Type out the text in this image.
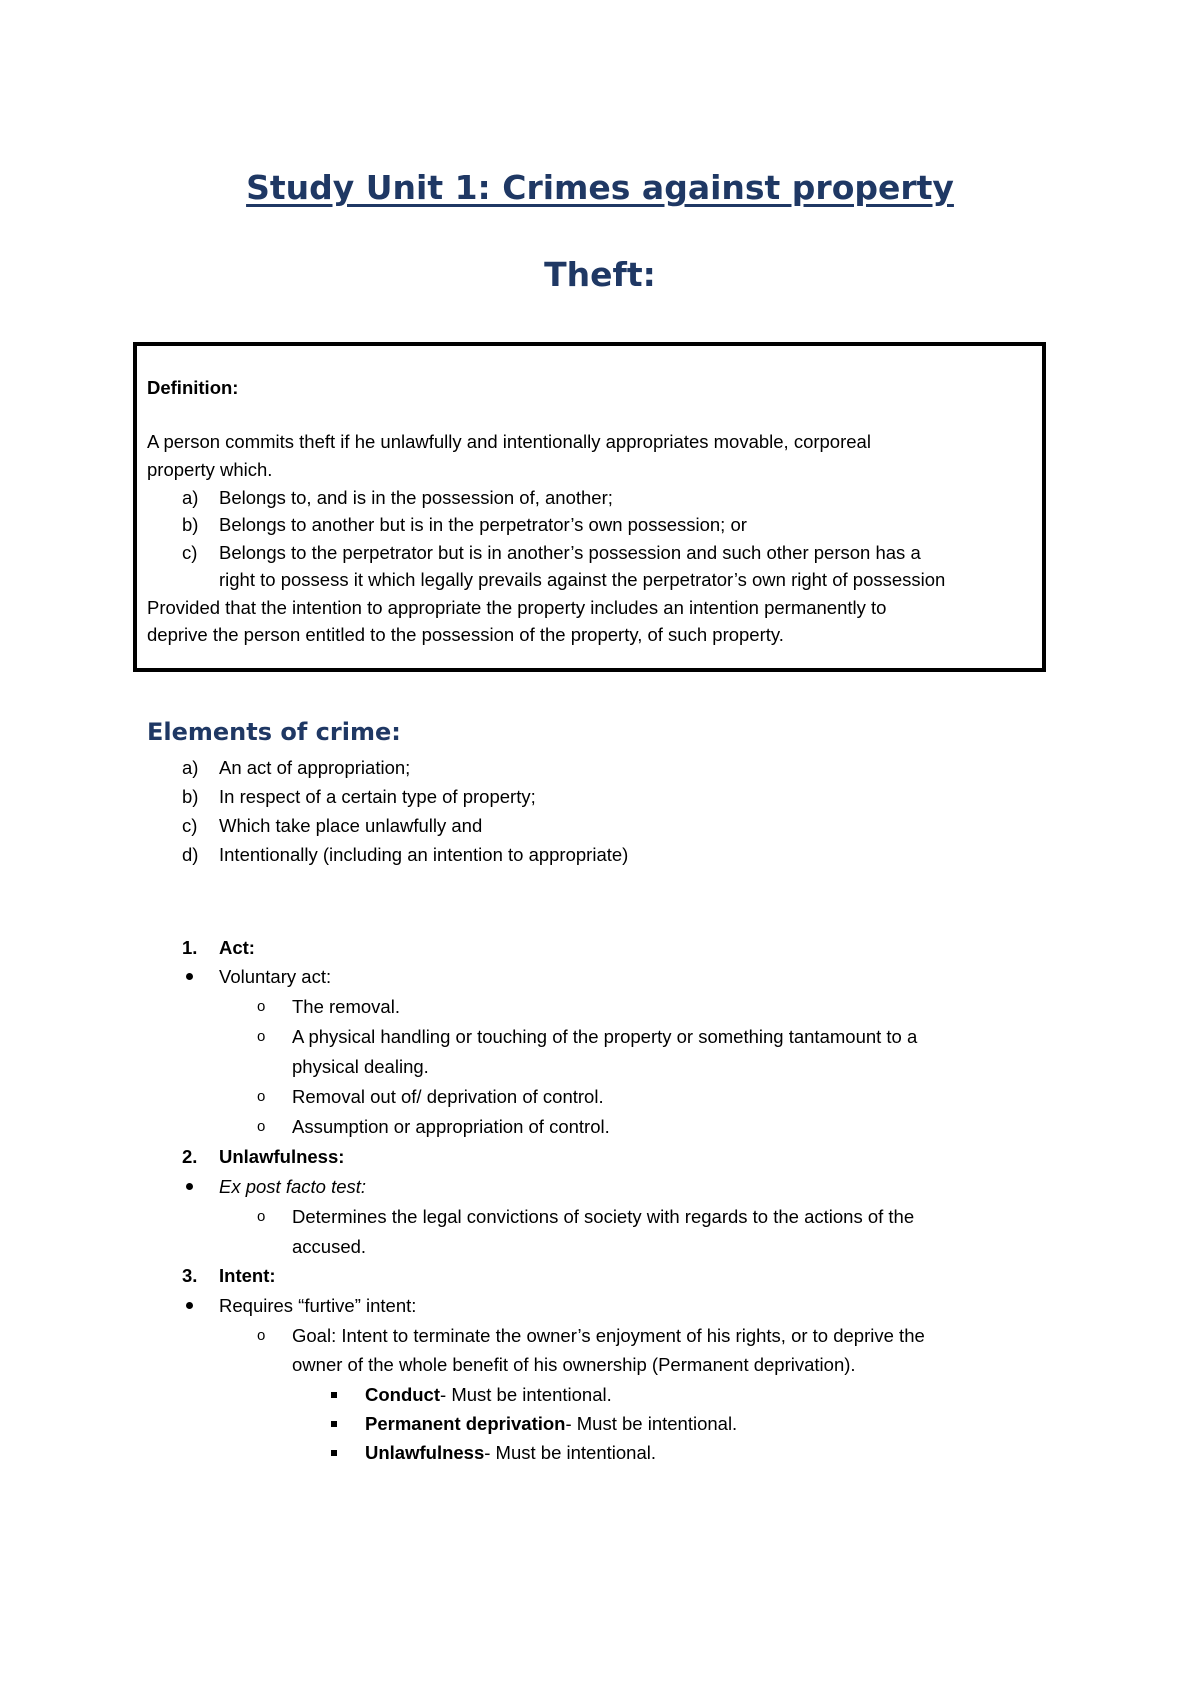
Study Unit 1: Crimes against property
Theft:
Definition:
A person commits theft if he unlawfully and intentionally appropriates movable, corporeal
property which.
a) Belongs to, and is in the possession of, another;
b) Belongs to another but is in the perpetrator’s own possession; or
c) Belongs to the perpetrator but is in another’s possession and such other person has a
right to possess it which legally prevails against the perpetrator’s own right of possession
Provided that the intention to appropriate the property includes an intention permanently to
deprive the person entitled to the possession of the property, of such property.
Elements of crime:
a) An act of appropriation;
b) In respect of a certain type of property;
c) Which take place unlawfully and
d) Intentionally (including an intention to appropriate)
1. Act:
Voluntary act:
o The removal.
o A physical handling or touching of the property or something tantamount to a
physical dealing.
o Removal out of/ deprivation of control.
o Assumption or appropriation of control.
2. Unlawfulness:
Ex post facto test:
o Determines the legal convictions of society with regards to the actions of the
accused.
3. Intent:
Requires “furtive” intent:
o Goal: Intent to terminate the owner’s enjoyment of his rights, or to deprive the
owner of the whole benefit of his ownership (Permanent deprivation).
Conduct- Must be intentional.
Permanent deprivation- Must be intentional.
Unlawfulness- Must be intentional.
